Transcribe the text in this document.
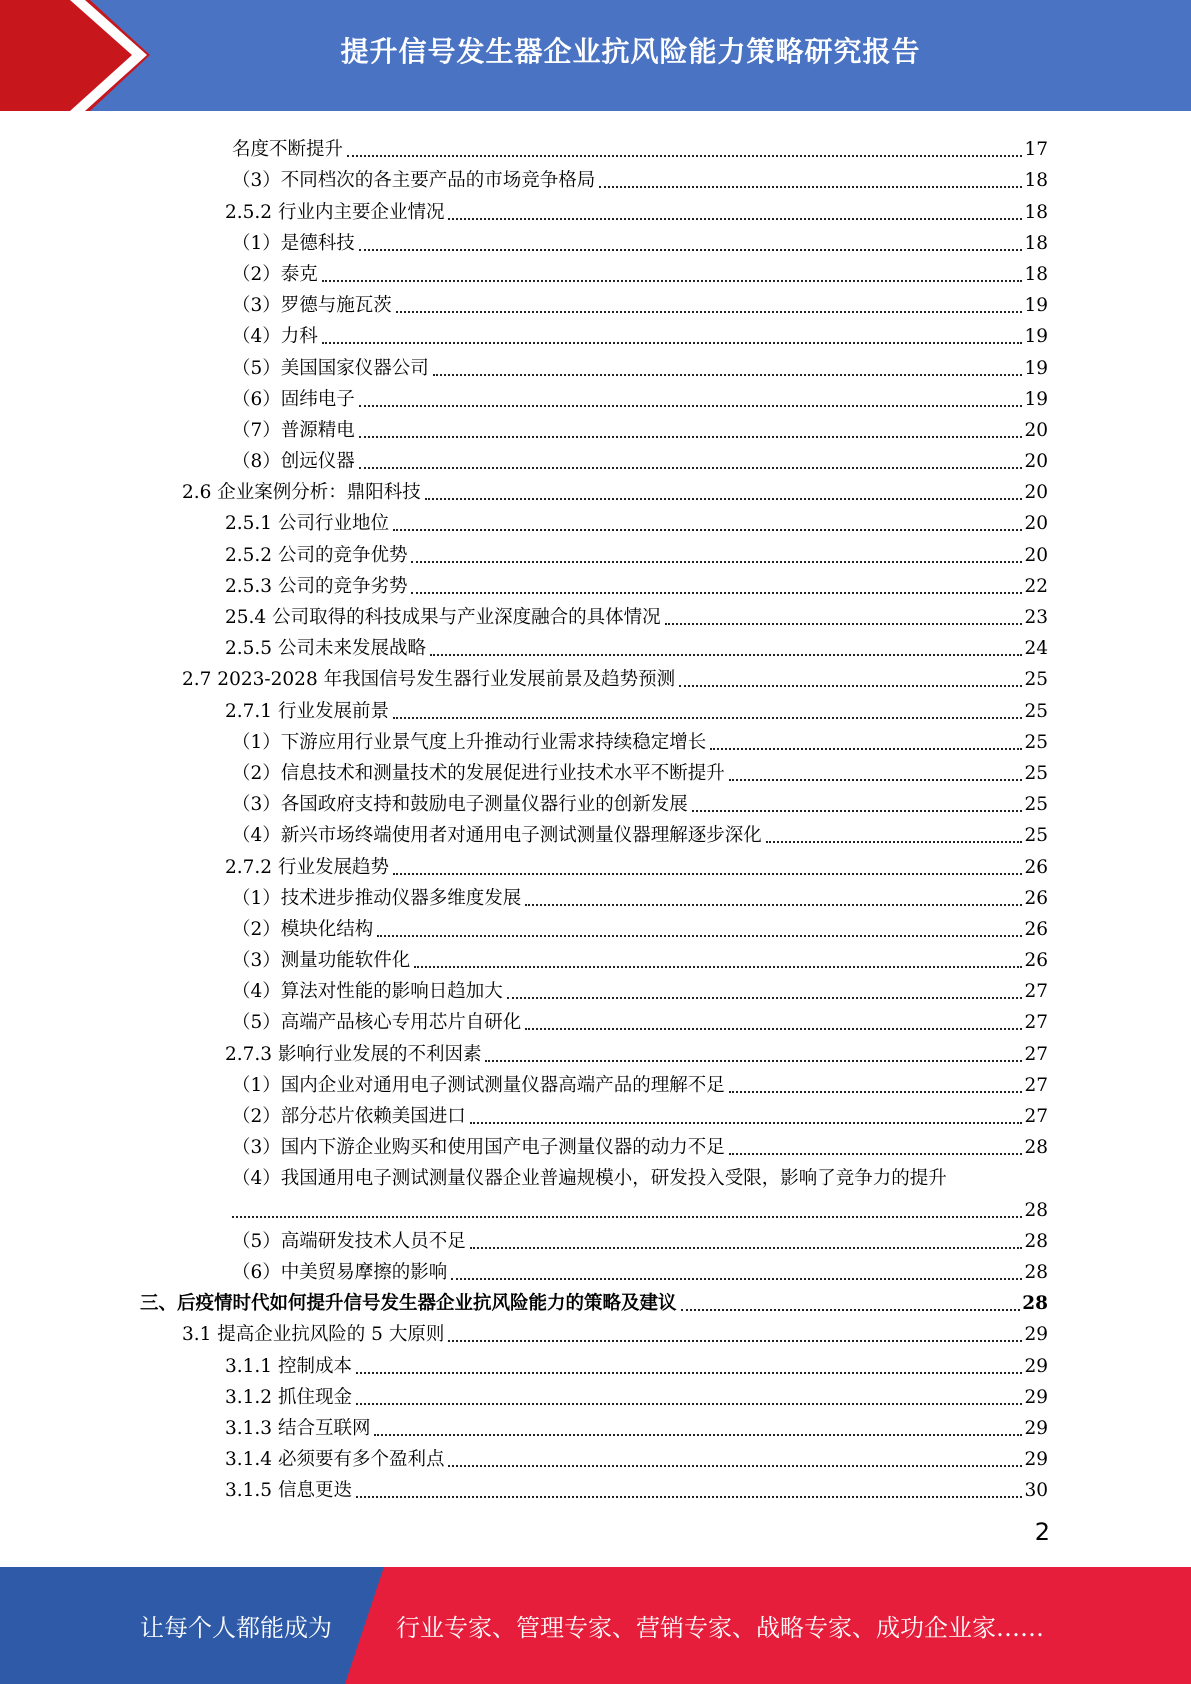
提升信号发生器企业抗风险能力策略研究报告
名度不断提升	17
（3）不同档次的各主要产品的市场竞争格局	18
2.5.2 行业内主要企业情况	18
（1）是德科技	18
（2）泰克	18
（3）罗德与施瓦茨	19
（4）力科	19
（5）美国国家仪器公司	19
（6）固纬电子	19
（7）普源精电	20
（8）创远仪器	20
2.6 企业案例分析：鼎阳科技	20
2.5.1 公司行业地位	20
2.5.2 公司的竞争优势	20
2.5.3 公司的竞争劣势	22
25.4 公司取得的科技成果与产业深度融合的具体情况	23
2.5.5 公司未来发展战略	24
2.7 2023-2028 年我国信号发生器行业发展前景及趋势预测	25
2.7.1 行业发展前景	25
（1）下游应用行业景气度上升推动行业需求持续稳定增长	25
（2）信息技术和测量技术的发展促进行业技术水平不断提升	25
（3）各国政府支持和鼓励电子测量仪器行业的创新发展	25
（4）新兴市场终端使用者对通用电子测试测量仪器理解逐步深化	25
2.7.2 行业发展趋势	26
（1）技术进步推动仪器多维度发展	26
（2）模块化结构	26
（3）测量功能软件化	26
（4）算法对性能的影响日趋加大	27
（5）高端产品核心专用芯片自研化	27
2.7.3 影响行业发展的不利因素	27
（1）国内企业对通用电子测试测量仪器高端产品的理解不足	27
（2）部分芯片依赖美国进口	27
（3）国内下游企业购买和使用国产电子测量仪器的动力不足	28
（4）我国通用电子测试测量仪器企业普遍规模小，研发投入受限，影响了竞争力的提升
28
（5）高端研发技术人员不足	28
（6）中美贸易摩擦的影响	28
三、后疫情时代如何提升信号发生器企业抗风险能力的策略及建议	28
3.1 提高企业抗风险的 5 大原则	29
3.1.1 控制成本	29
3.1.2 抓住现金	29
3.1.3 结合互联网	29
3.1.4 必须要有多个盈利点	29
3.1.5 信息更迭	30
2
让每个人都能成为	行业专家、管理专家、营销专家、战略专家、成功企业家……
